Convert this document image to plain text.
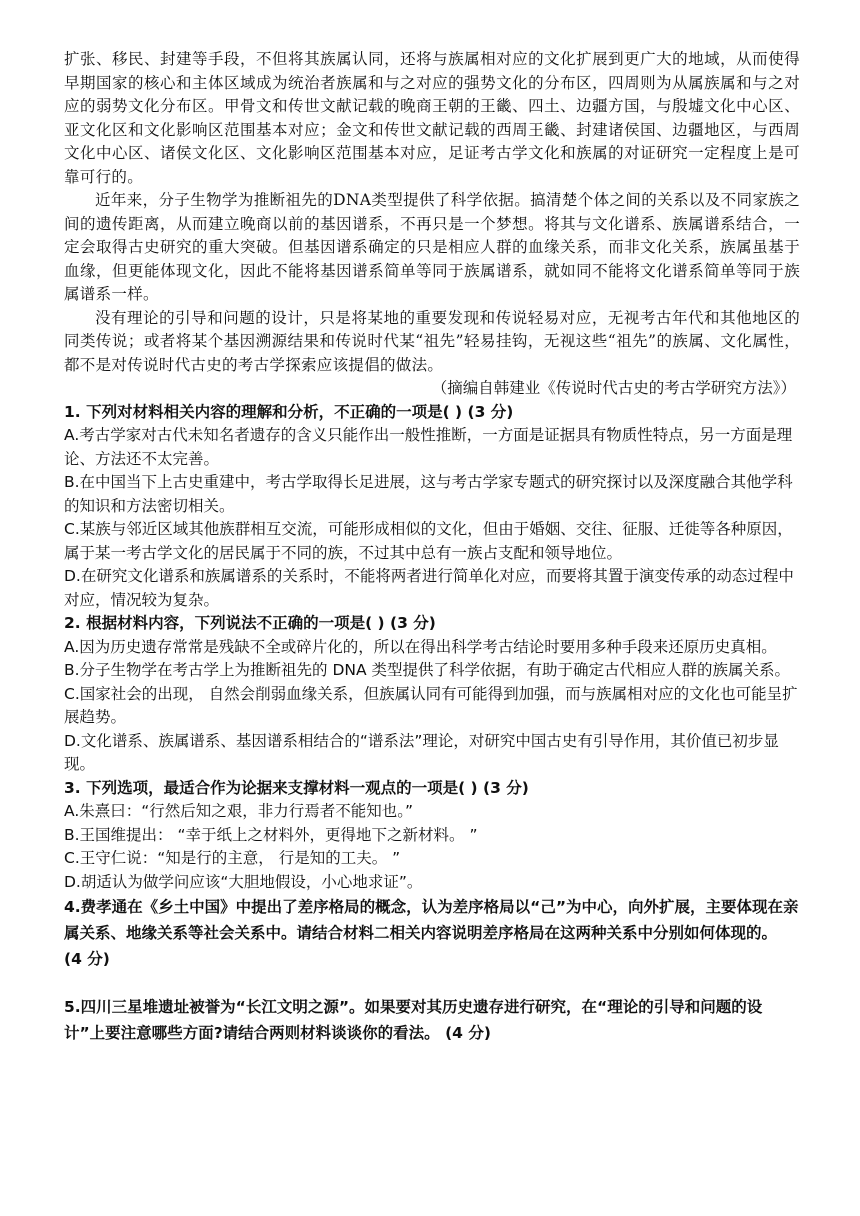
扩张、移民、封建等手段，不但将其族属认同，还将与族属相对应的文化扩展到更广大的地域，从而使得早期国家的核心和主体区域成为统治者族属和与之对应的强势文化的分布区，四周则为从属族属和与之对应的弱势文化分布区。甲骨文和传世文献记载的晚商王朝的王畿、四土、边疆方国，与殷墟文化中心区、亚文化区和文化影响区范围基本对应；金文和传世文献记载的西周王畿、封建诸侯国、边疆地区，与西周文化中心区、诸侯文化区、文化影响区范围基本对应，足证考古学文化和族属的对证研究一定程度上是可靠可行的。

近年来，分子生物学为推断祖先的DNA类型提供了科学依据。搞清楚个体之间的关系以及不同家族之间的遗传距离，从而建立晚商以前的基因谱系，不再只是一个梦想。将其与文化谱系、族属谱系结合，一定会取得古史研究的重大突破。但基因谱系确定的只是相应人群的血缘关系，而非文化关系，族属虽基于血缘，但更能体现文化，因此不能将基因谱系简单等同于族属谱系，就如同不能将文化谱系简单等同于族属谱系一样。

没有理论的引导和问题的设计，只是将某地的重要发现和传说轻易对应，无视考古年代和其他地区的同类传说；或者将某个基因溯源结果和传说时代某“祖先”轻易挂钩，无视这些“祖先”的族属、文化属性，都不是对传说时代古史的考古学探索应该提倡的做法。

（摘编自韩建业《传说时代古史的考古学研究方法》）

1. 下列对材料相关内容的理解和分析，不正确的一项是( ) (3 分)

A.考古学家对古代未知名者遗存的含义只能作出一般性推断，一方面是证据具有物质性特点，另一方面是理论、方法还不太完善。

B.在中国当下上古史重建中，考古学取得长足进展，这与考古学家专题式的研究探讨以及深度融合其他学科的知识和方法密切相关。

C.某族与邻近区域其他族群相互交流，可能形成相似的文化，但由于婚姻、交往、征服、迁徙等各种原因，属于某一考古学文化的居民属于不同的族，不过其中总有一族占支配和领导地位。

D.在研究文化谱系和族属谱系的关系时，不能将两者进行简单化对应，而要将其置于演变传承的动态过程中对应，情况较为复杂。

2. 根据材料内容，下列说法不正确的一项是( ) (3 分)

A.因为历史遗存常常是残缺不全或碎片化的，所以在得出科学考古结论时要用多种手段来还原历史真相。

B.分子生物学在考古学上为推断祖先的 DNA 类型提供了科学依据，有助于确定古代相应人群的族属关系。

C.国家社会的出现， 自然会削弱血缘关系，但族属认同有可能得到加强，而与族属相对应的文化也可能呈扩展趋势。

D.文化谱系、族属谱系、基因谱系相结合的“谱系法”理论，对研究中国古史有引导作用，其价值已初步显现。

3. 下列选项，最适合作为论据来支撑材料一观点的一项是( ) (3 分)

A.朱熹曰：“行然后知之艰，非力行焉者不能知也。”

B.王国维提出： “幸于纸上之材料外，更得地下之新材料。 ”

C.王守仁说：“知是行的主意， 行是知的工夫。 ”

D.胡适认为做学问应该“大胆地假设，小心地求证”。

4.费孝通在《乡土中国》中提出了差序格局的概念，认为差序格局以“己”为中心，向外扩展，主要体现在亲属关系、地缘关系等社会关系中。请结合材料二相关内容说明差序格局在这两种关系中分别如何体现的。 (4 分)

5.四川三星堆遗址被誉为“长江文明之源”。如果要对其历史遗存进行研究，在“理论的引导和问题的设计”上要注意哪些方面?请结合两则材料谈谈你的看法。 (4 分)
